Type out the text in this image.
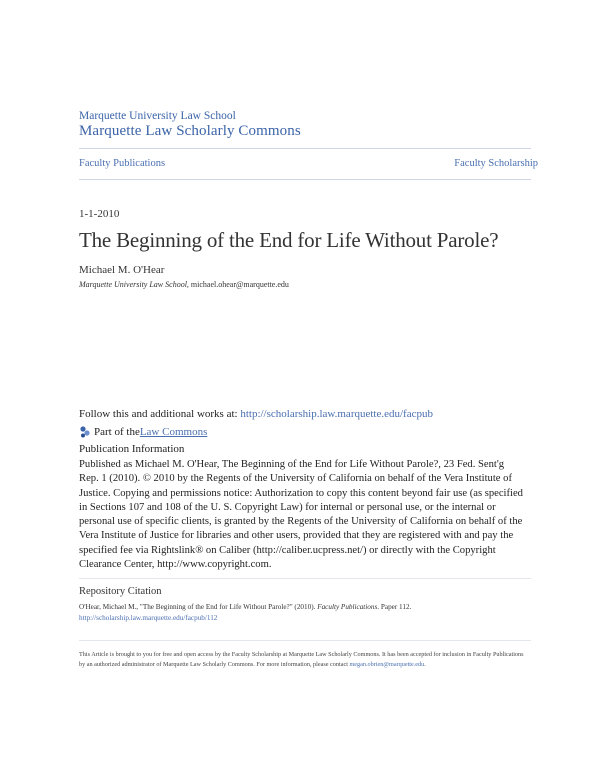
Marquette University Law School
Marquette Law Scholarly Commons
Faculty Publications	Faculty Scholarship
1-1-2010
The Beginning of the End for Life Without Parole?
Michael M. O'Hear
Marquette University Law School, michael.ohear@marquette.edu
Follow this and additional works at: http://scholarship.law.marquette.edu/facpub
Part of the Law Commons
Publication Information

Published as Michael M. O'Hear, The Beginning of the End for Life Without Parole?, 23 Fed. Sent'g Rep. 1 (2010). © 2010 by the Regents of the University of California on behalf of the Vera Institute of Justice. Copying and permissions notice: Authorization to copy this content beyond fair use (as specified in Sections 107 and 108 of the U. S. Copyright Law) for internal or personal use, or the internal or personal use of specific clients, is granted by the Regents of the University of California on behalf of the Vera Institute of Justice for libraries and other users, provided that they are registered with and pay the specified fee via Rightslink® on Caliber (http://caliber.ucpress.net/) or directly with the Copyright Clearance Center, http://www.copyright.com.

Repository Citation
O'Hear, Michael M., "The Beginning of the End for Life Without Parole?" (2010). Faculty Publications. Paper 112.
http://scholarship.law.marquette.edu/facpub/112
This Article is brought to you for free and open access by the Faculty Scholarship at Marquette Law Scholarly Commons. It has been accepted for inclusion in Faculty Publications by an authorized administrator of Marquette Law Scholarly Commons. For more information, please contact megan.obrien@marquette.edu.
